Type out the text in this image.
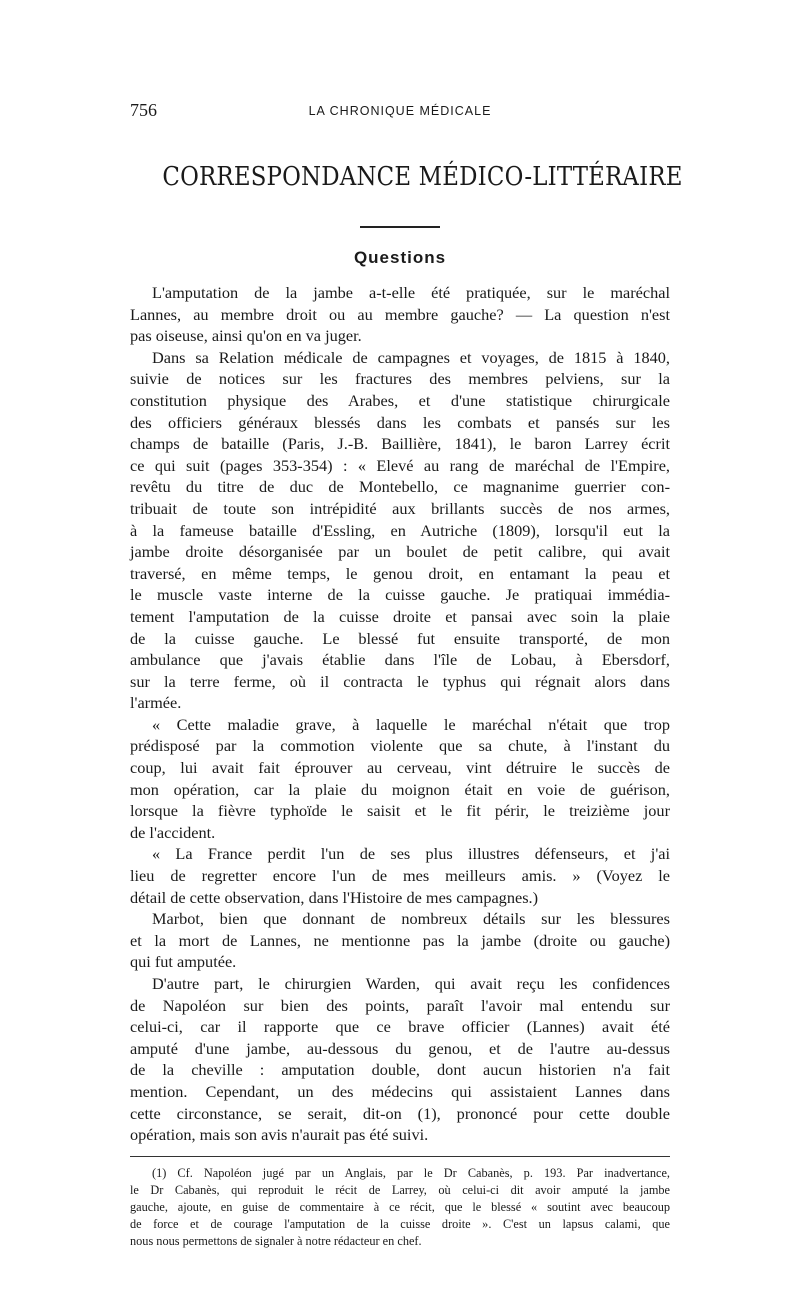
756	LA CHRONIQUE MÉDICALE
CORRESPONDANCE MÉDICO-LITTÉRAIRE
Questions
L'amputation de la jambe a-t-elle été pratiquée, sur le maréchal
Lannes, au membre droit ou au membre gauche? — La question n'est
pas oiseuse, ainsi qu'on en va juger.
Dans sa Relation médicale de campagnes et voyages, de 1815 à 1840,
suivie de notices sur les fractures des membres pelviens, sur la
constitution physique des Arabes, et d'une statistique chirurgicale
des officiers généraux blessés dans les combats et pansés sur les
champs de bataille (Paris, J.-B. Baillière, 1841), le baron Larrey écrit
ce qui suit (pages 353-354) : « Elevé au rang de maréchal de l'Empire,
revêtu du titre de duc de Montebello, ce magnanime guerrier con-
tribuait de toute son intrépidité aux brillants succès de nos armes,
à la fameuse bataille d'Essling, en Autriche (1809), lorsqu'il eut la
jambe droite désorganisée par un boulet de petit calibre, qui avait
traversé, en même temps, le genou droit, en entamant la peau et
le muscle vaste interne de la cuisse gauche. Je pratiquai immédia-
tement l'amputation de la cuisse droite et pansai avec soin la plaie
de la cuisse gauche. Le blessé fut ensuite transporté, de mon
ambulance que j'avais établie dans l'île de Lobau, à Ebersdorf,
sur la terre ferme, où il contracta le typhus qui régnait alors dans
l'armée.
« Cette maladie grave, à laquelle le maréchal n'était que trop
prédisposé par la commotion violente que sa chute, à l'instant du
coup, lui avait fait éprouver au cerveau, vint détruire le succès de
mon opération, car la plaie du moignon était en voie de guérison,
lorsque la fièvre typhoïde le saisit et le fit périr, le treizième jour
de l'accident.
« La France perdit l'un de ses plus illustres défenseurs, et j'ai
lieu de regretter encore l'un de mes meilleurs amis. » (Voyez le
détail de cette observation, dans l'Histoire de mes campagnes.)
Marbot, bien que donnant de nombreux détails sur les blessures
et la mort de Lannes, ne mentionne pas la jambe (droite ou gauche)
qui fut amputée.
D'autre part, le chirurgien Warden, qui avait reçu les confidences
de Napoléon sur bien des points, paraît l'avoir mal entendu sur
celui-ci, car il rapporte que ce brave officier (Lannes) avait été
amputé d'une jambe, au-dessous du genou, et de l'autre au-dessus
de la cheville : amputation double, dont aucun historien n'a fait
mention. Cependant, un des médecins qui assistaient Lannes dans
cette circonstance, se serait, dit-on (1), prononcé pour cette double
opération, mais son avis n'aurait pas été suivi.
(1) Cf. Napoléon jugé par un Anglais, par le Dr Cabanès, p. 193. Par inadvertance,
le Dr Cabanès, qui reproduit le récit de Larrey, où celui-ci dit avoir amputé la jambe
gauche, ajoute, en guise de commentaire à ce récit, que le blessé « soutint avec beaucoup
de force et de courage l'amputation de la cuisse droite ». C'est un lapsus calami, que
nous nous permettons de signaler à notre rédacteur en chef.
